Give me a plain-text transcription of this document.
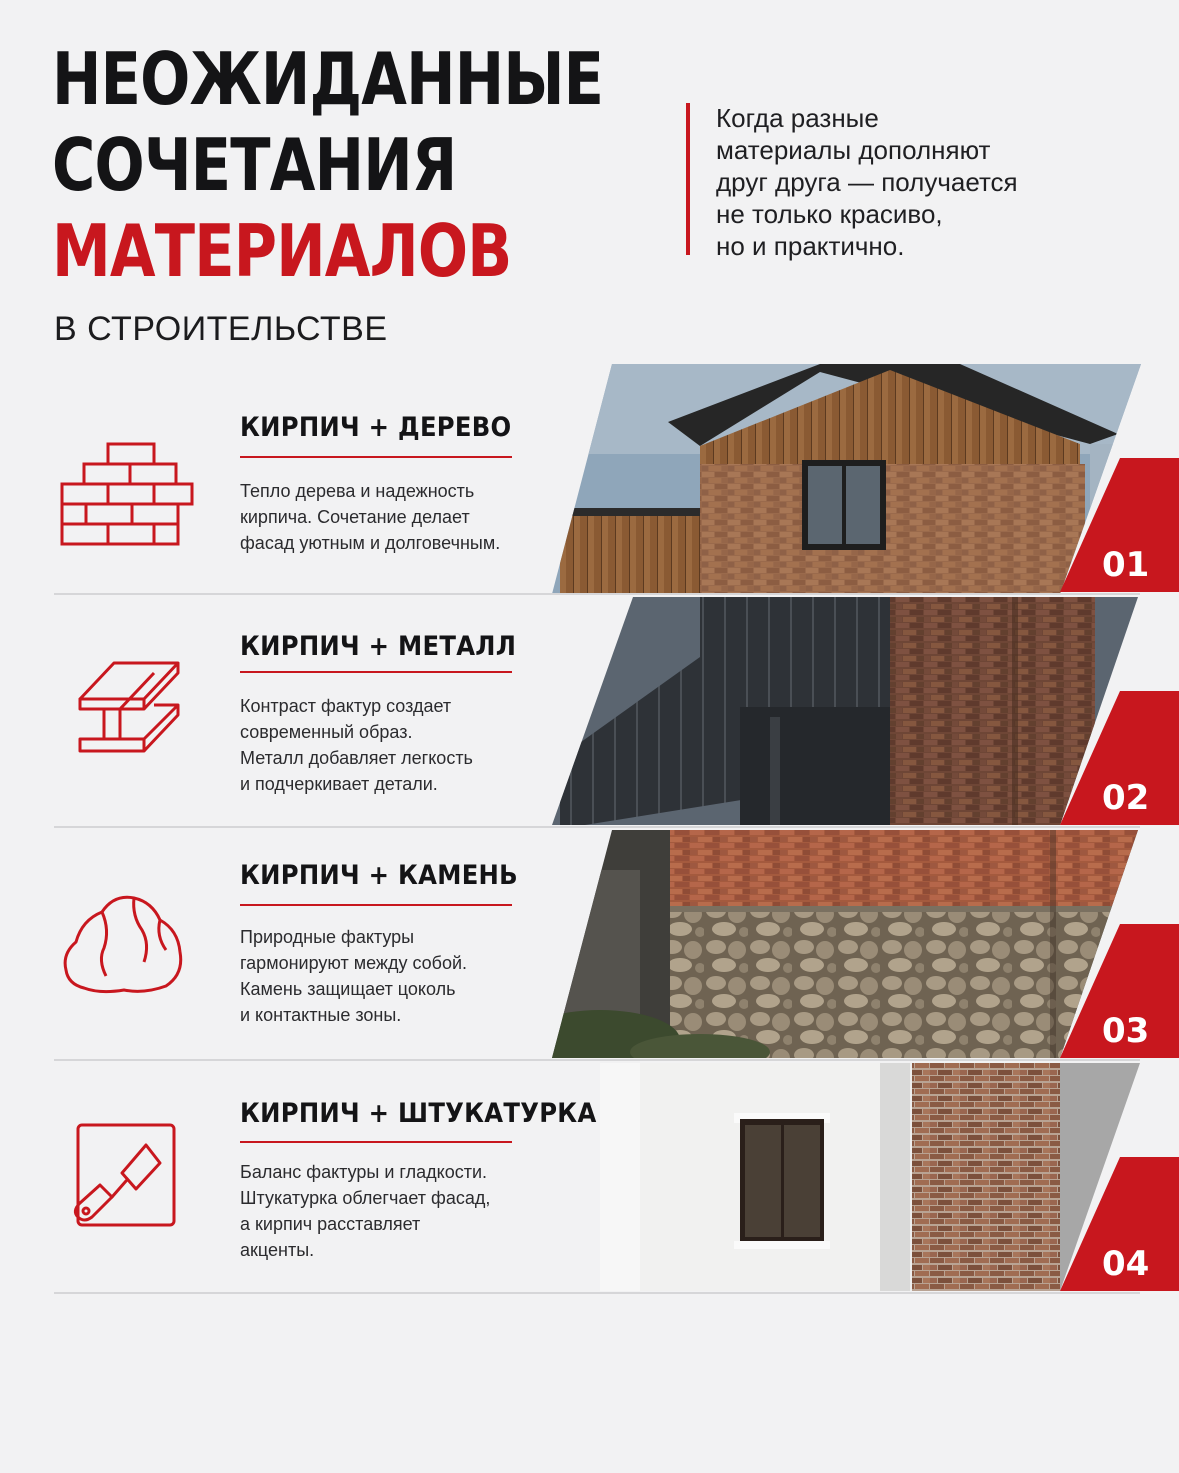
НЕОЖИДАННЫЕ
СОЧЕТАНИЯ
МАТЕРИАЛОВ
В СТРОИТЕЛЬСТВЕ
Когда разные
материалы дополняют
друг друга — получается
не только красиво,
но и практично.
01
КИРПИЧ + ДЕРЕВО
Тепло дерева и надежность
кирпича. Сочетание делает
фасад уютным и долговечным.
02
КИРПИЧ + МЕТАЛЛ
Контраст фактур создает
современный образ.
Металл добавляет легкость
и подчеркивает детали.
03
КИРПИЧ + КАМЕНЬ
Природные фактуры
гармонируют между собой.
Камень защищает цоколь
и контактные зоны.
04
КИРПИЧ + ШТУКАТУРКА
Баланс фактуры и гладкости.
Штукатурка облегчает фасад,
а кирпич расставляет
акценты.
